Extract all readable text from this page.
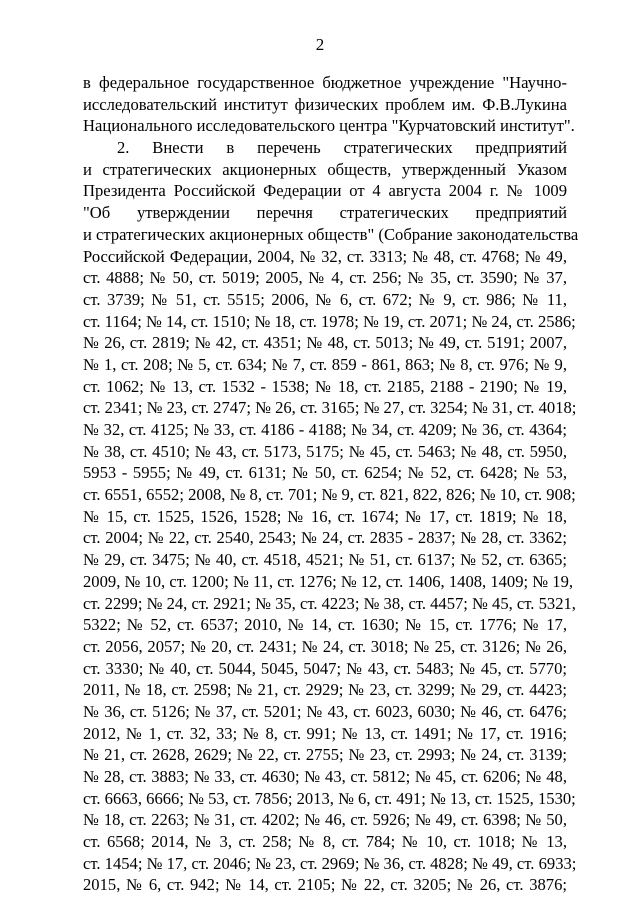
2
в федеральное государственное бюджетное учреждение "Научно-
исследовательский институт физических проблем им. Ф.В.Лукина
Национального исследовательского центра "Курчатовский институт".
2. Внести в перечень стратегических предприятий
и стратегических акционерных обществ, утвержденный Указом
Президента Российской Федерации от 4 августа 2004 г. № 1009
"Об утверждении перечня стратегических предприятий
и стратегических акционерных обществ" (Собрание законодательства
Российской Федерации, 2004, № 32, ст. 3313; № 48, ст. 4768; № 49,
ст. 4888; № 50, ст. 5019; 2005, № 4, ст. 256; № 35, ст. 3590; № 37,
ст. 3739; № 51, ст. 5515; 2006, № 6, ст. 672; № 9, ст. 986; № 11,
ст. 1164; № 14, ст. 1510; № 18, ст. 1978; № 19, ст. 2071; № 24, ст. 2586;
№ 26, ст. 2819; № 42, ст. 4351; № 48, ст. 5013; № 49, ст. 5191; 2007,
№ 1, ст. 208; № 5, ст. 634; № 7, ст. 859 - 861, 863; № 8, ст. 976; № 9,
ст. 1062; № 13, ст. 1532 - 1538; № 18, ст. 2185, 2188 - 2190; № 19,
ст. 2341; № 23, ст. 2747; № 26, ст. 3165; № 27, ст. 3254; № 31, ст. 4018;
№ 32, ст. 4125; № 33, ст. 4186 - 4188; № 34, ст. 4209; № 36, ст. 4364;
№ 38, ст. 4510; № 43, ст. 5173, 5175; № 45, ст. 5463; № 48, ст. 5950,
5953 - 5955; № 49, ст. 6131; № 50, ст. 6254; № 52, ст. 6428; № 53,
ст. 6551, 6552; 2008, № 8, ст. 701; № 9, ст. 821, 822, 826; № 10, ст. 908;
№ 15, ст. 1525, 1526, 1528; № 16, ст. 1674; № 17, ст. 1819; № 18,
ст. 2004; № 22, ст. 2540, 2543; № 24, ст. 2835 - 2837; № 28, ст. 3362;
№ 29, ст. 3475; № 40, ст. 4518, 4521; № 51, ст. 6137; № 52, ст. 6365;
2009, № 10, ст. 1200; № 11, ст. 1276; № 12, ст. 1406, 1408, 1409; № 19,
ст. 2299; № 24, ст. 2921; № 35, ст. 4223; № 38, ст. 4457; № 45, ст. 5321,
5322; № 52, ст. 6537; 2010, № 14, ст. 1630; № 15, ст. 1776; № 17,
ст. 2056, 2057; № 20, ст. 2431; № 24, ст. 3018; № 25, ст. 3126; № 26,
ст. 3330; № 40, ст. 5044, 5045, 5047; № 43, ст. 5483; № 45, ст. 5770;
2011, № 18, ст. 2598; № 21, ст. 2929; № 23, ст. 3299; № 29, ст. 4423;
№ 36, ст. 5126; № 37, ст. 5201; № 43, ст. 6023, 6030; № 46, ст. 6476;
2012, № 1, ст. 32, 33; № 8, ст. 991; № 13, ст. 1491; № 17, ст. 1916;
№ 21, ст. 2628, 2629; № 22, ст. 2755; № 23, ст. 2993; № 24, ст. 3139;
№ 28, ст. 3883; № 33, ст. 4630; № 43, ст. 5812; № 45, ст. 6206; № 48,
ст. 6663, 6666; № 53, ст. 7856; 2013, № 6, ст. 491; № 13, ст. 1525, 1530;
№ 18, ст. 2263; № 31, ст. 4202; № 46, ст. 5926; № 49, ст. 6398; № 50,
ст. 6568; 2014, № 3, ст. 258; № 8, ст. 784; № 10, ст. 1018; № 13,
ст. 1454; № 17, ст. 2046; № 23, ст. 2969; № 36, ст. 4828; № 49, ст. 6933;
2015, № 6, ст. 942; № 14, ст. 2105; № 22, ст. 3205; № 26, ст. 3876;
